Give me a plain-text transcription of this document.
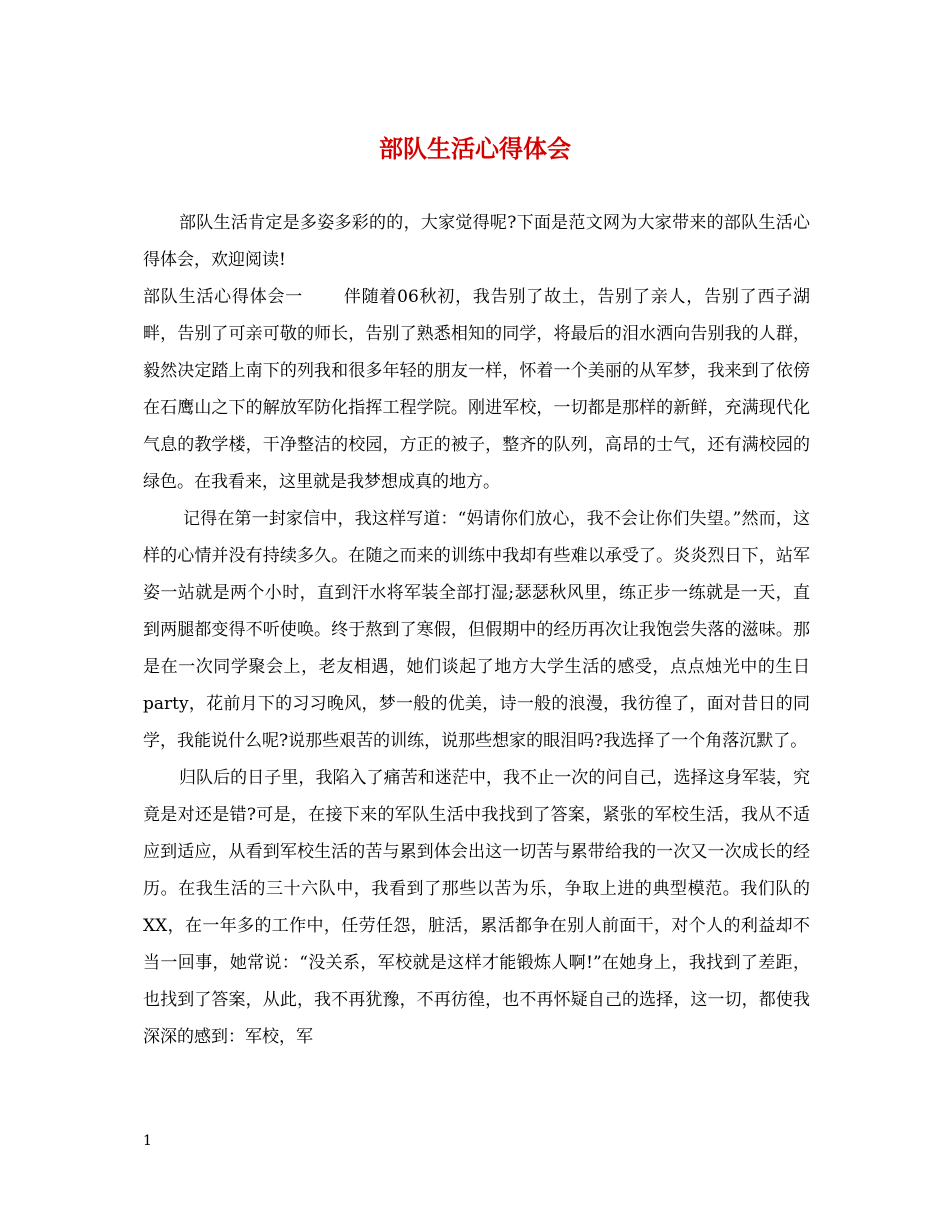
部队生活心得体会

部队生活肯定是多姿多彩的的，大家觉得呢?下面是范文网为大家带来的部队生活心得体会，欢迎阅读!

部队生活心得体会一 伴随着06秋初，我告别了故土，告别了亲人，告别了西子湖畔，告别了可亲可敬的师长，告别了熟悉相知的同学，将最后的泪水洒向告别我的人群，毅然决定踏上南下的列我和很多年轻的朋友一样，怀着一个美丽的从军梦，我来到了依傍在石鹰山之下的解放军防化指挥工程学院。刚进军校，一切都是那样的新鲜，充满现代化气息的教学楼，干净整洁的校园，方正的被子，整齐的队列，高昂的士气，还有满校园的绿色。在我看来，这里就是我梦想成真的地方。

记得在第一封家信中，我这样写道：“妈请你们放心，我不会让你们失望。”然而，这样的心情并没有持续多久。在随之而来的训练中我却有些难以承受了。炎炎烈日下，站军姿一站就是两个小时，直到汗水将军装全部打湿;瑟瑟秋风里，练正步一练就是一天，直到两腿都变得不听使唤。终于熬到了寒假，但假期中的经历再次让我饱尝失落的滋味。那是在一次同学聚会上，老友相遇，她们谈起了地方大学生活的感受，点点烛光中的生日party，花前月下的习习晚风，梦一般的优美，诗一般的浪漫，我彷徨了，面对昔日的同学，我能说什么呢?说那些艰苦的训练，说那些想家的眼泪吗?我选择了一个角落沉默了。

归队后的日子里，我陷入了痛苦和迷茫中，我不止一次的问自己，选择这身军装，究竟是对还是错?可是，在接下来的军队生活中我找到了答案，紧张的军校生活，我从不适应到适应，从看到军校生活的苦与累到体会出这一切苦与累带给我的一次又一次成长的经历。在我生活的三十六队中，我看到了那些以苦为乐，争取上进的典型模范。我们队的XX，在一年多的工作中，任劳任怨，脏活，累活都争在别人前面干，对个人的利益却不当一回事，她常说：“没关系，军校就是这样才能锻炼人啊!”在她身上，我找到了差距，也找到了答案，从此，我不再犹豫，不再彷徨，也不再怀疑自己的选择，这一切，都使我深深的感到：军校，军

1
